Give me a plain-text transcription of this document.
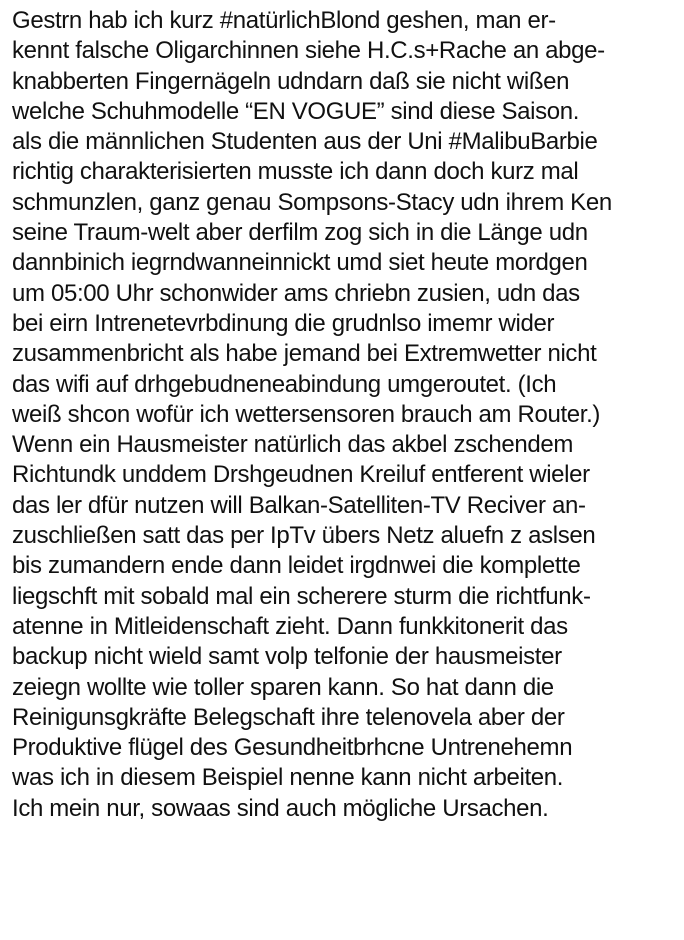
Gestrn hab ich kurz #natürlichBlond geshen, man er-
kennt falsche Oligarchinnen siehe H.C.s+Rache an abge-
knabberten Fingernägeln udndarn daß sie nicht wißen
welche Schuhmodelle “EN VOGUE” sind diese Saison.
als die männlichen Studenten aus der Uni #MalibuBarbie
richtig charakterisierten musste ich dann doch kurz mal
schmunzlen, ganz genau Sompsons-Stacy udn ihrem Ken
seine Traum-welt aber derfilm zog sich in die Länge udn
dannbinich iegrndwanneinnickt umd siet heute mordgen
um 05:00 Uhr schonwider ams chriebn zusien, udn das
bei eirn Intrenetevrbdinung die grudnlso imemr wider
zusammenbricht als habe jemand bei Extremwetter nicht
das wifi auf drhgebudneneabindung umgeroutet. (Ich
weiß shcon wofür ich wettersensoren brauch am Router.)
Wenn ein Hausmeister natürlich das akbel zschendem
Richtundk unddem Drshgeudnen Kreiluf entferent wieler
das ler dfür nutzen will Balkan-Satelliten-TV Reciver an-
zuschließen satt das per IpTv übers Netz aluefn z aslsen
bis zumandern ende dann leidet irgdnwei die komplette
liegschft mit sobald mal ein scherere sturm die richtfunk-
atenne in Mitleidenschaft zieht. Dann funkkitonerit das
backup nicht wield samt volp telfonie der hausmeister
zeiegn wollte wie toller sparen kann. So hat dann die
Reinigunsgkräfte Belegschaft ihre telenovela aber der
Produktive flügel des Gesundheitbrhcne Untrenehemn
was ich in diesem Beispiel nenne kann nicht arbeiten.
Ich mein nur, sowaas sind auch mögliche Ursachen.
